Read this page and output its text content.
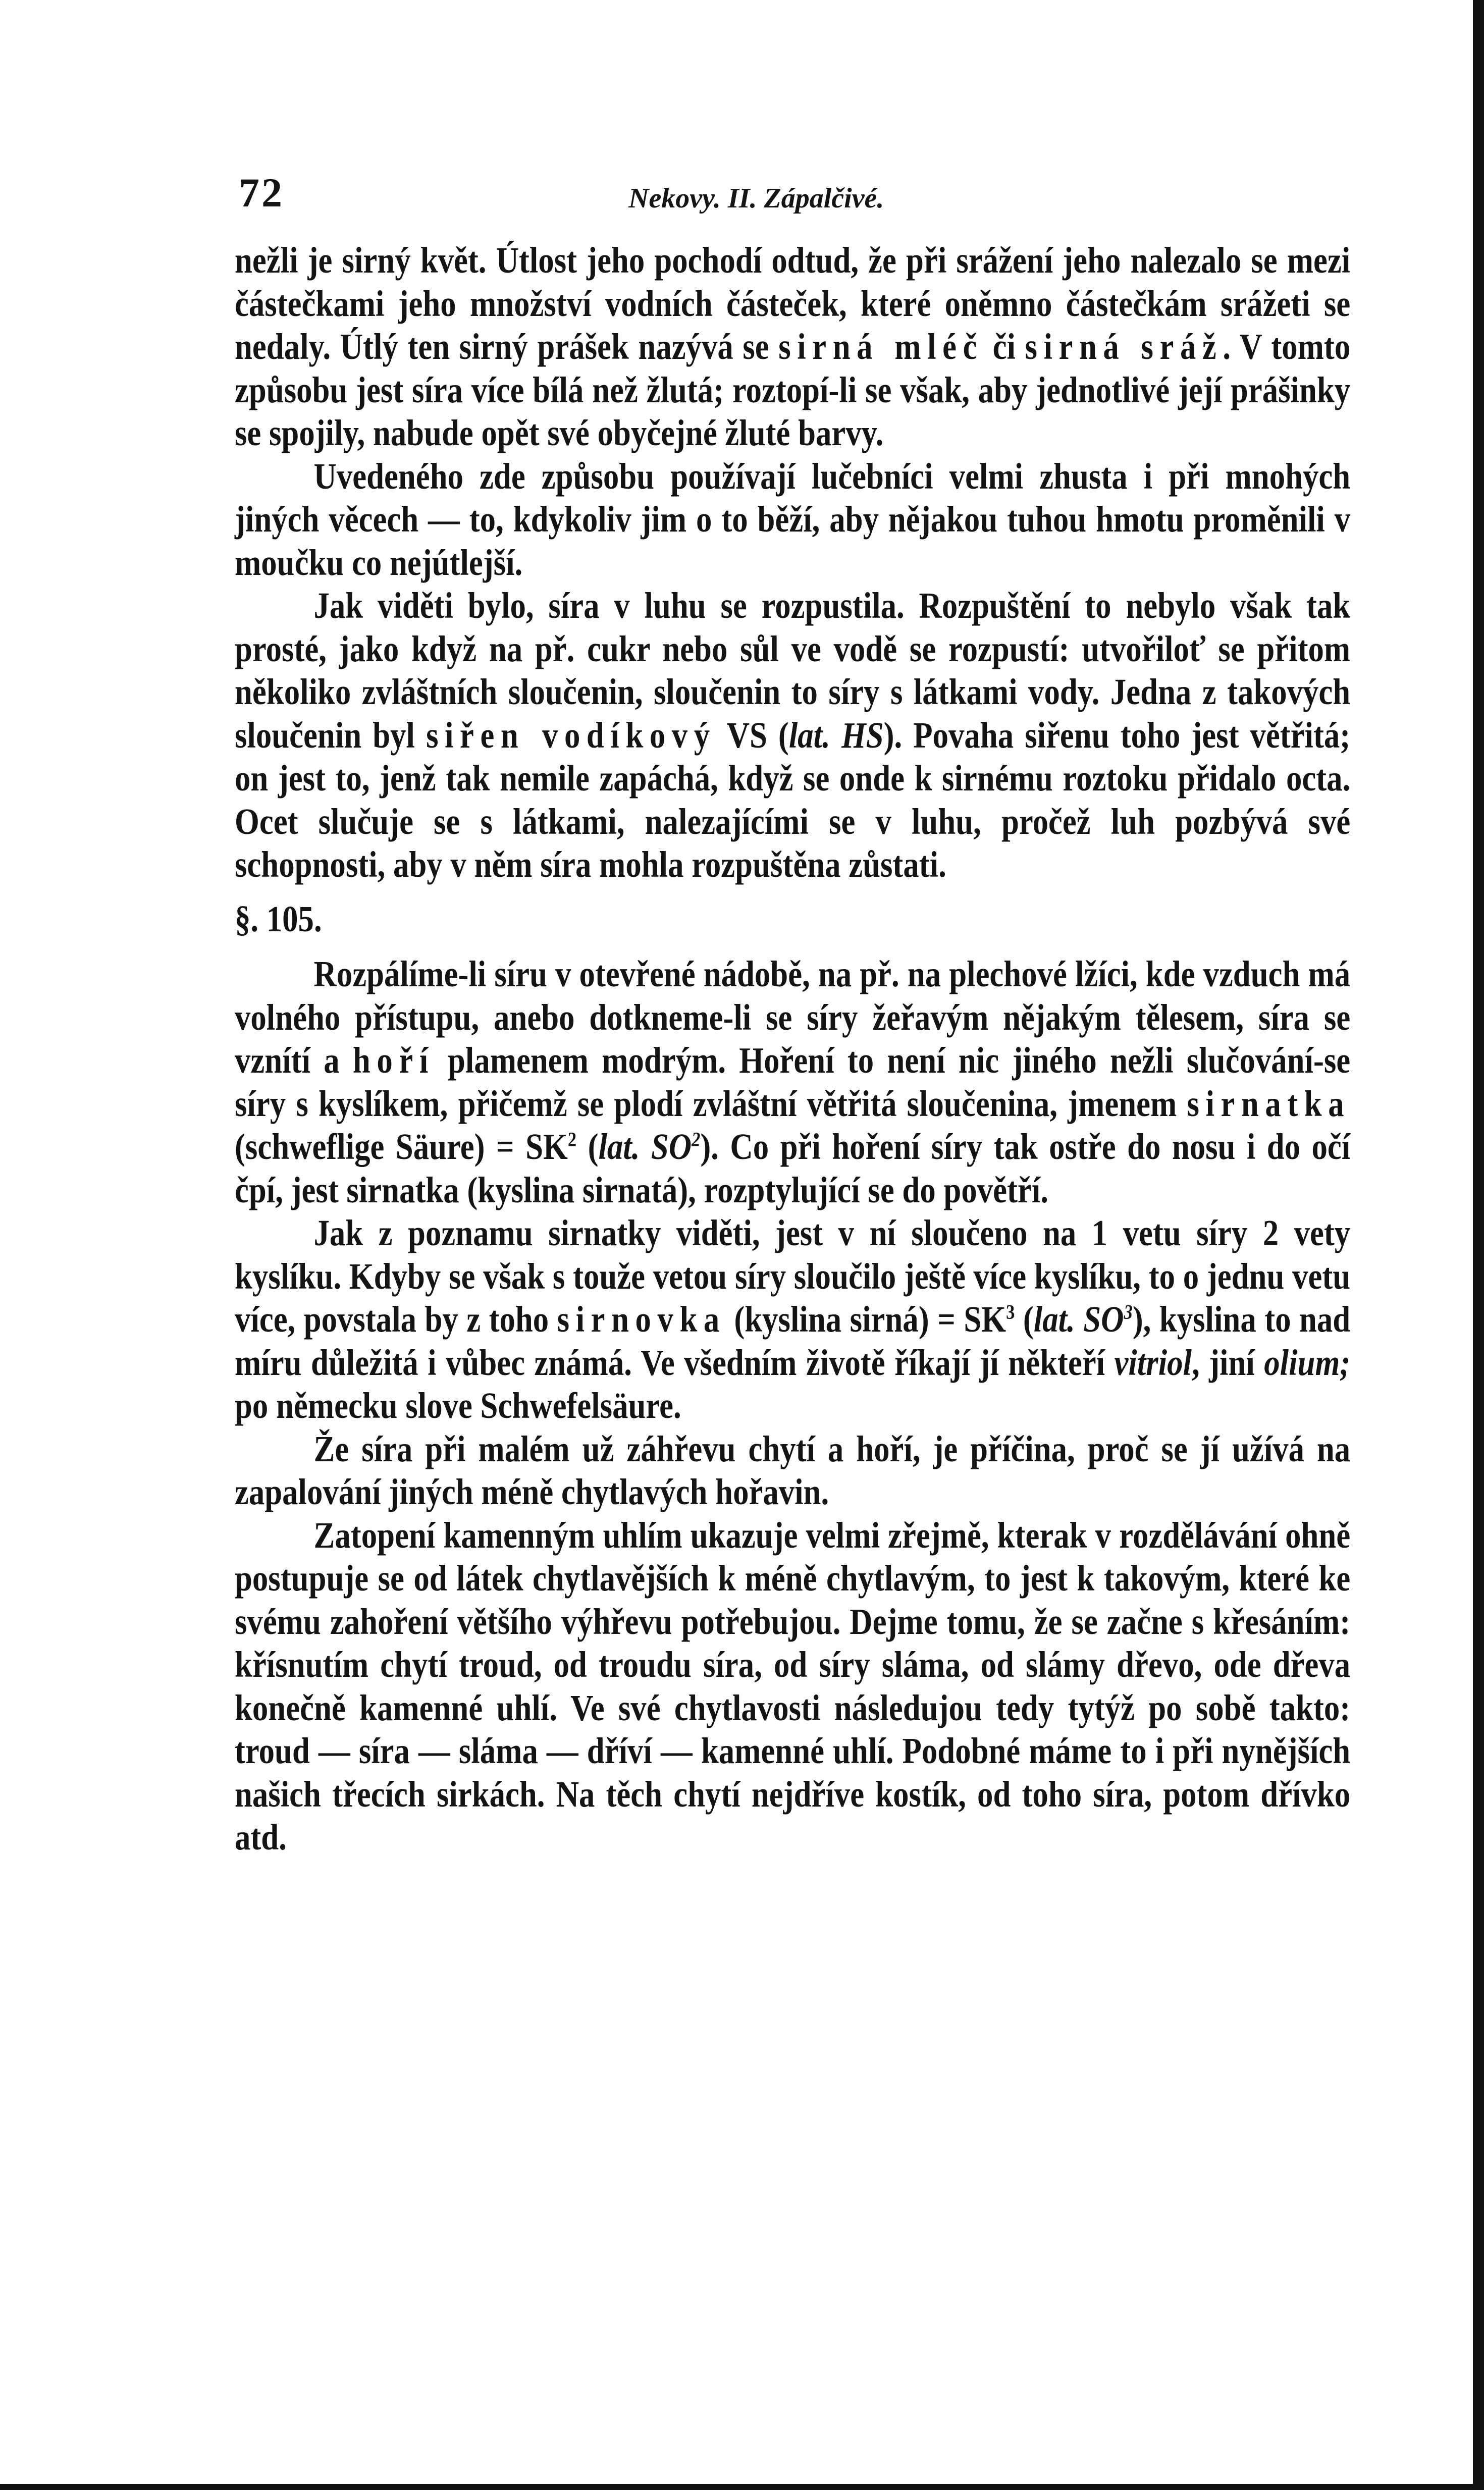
72	Nekovy. II. Zápalčivé.

nežli je sirný květ. Útlost jeho pochodí odtud, že při srážení jeho nalezalo se mezi částečkami jeho množství vodních částeček, které oněmno částečkám srážeti se nedaly. Útlý ten sirný prášek nazývá se sirná mléč či sirná sráž. V tomto způsobu jest síra více bílá než žlutá; roztopí-li se však, aby jednotlivé její prášinky se spojily, nabude opět své obyčejné žluté barvy.

Uvedeného zde způsobu používají lučebníci velmi zhusta i při mnohých jiných věcech — to, kdykoliv jim o to běží, aby nějakou tuhou hmotu proměnili v moučku co nejútlejší.

Jak viděti bylo, síra v luhu se rozpustila. Rozpuštění to nebylo však tak prosté, jako když na př. cukr nebo sůl ve vodě se rozpustí: utvořiloť se přitom několiko zvláštních sloučenin, sloučenin to síry s látkami vody. Jedna z takových sloučenin byl siřen vodíkový VS (lat. HS). Povaha siřenu toho jest větřitá; on jest to, jenž tak nemile zapáchá, když se onde k sirnému roztoku přidalo octa. Ocet slučuje se s látkami, nalezajícími se v luhu, pročež luh pozbývá své schopnosti, aby v něm síra mohla rozpuštěna zůstati.

§. 105.

Rozpálíme-li síru v otevřené nádobě, na př. na plechové lžíci, kde vzduch má volného přístupu, anebo dotkneme-li se síry žeřavým nějakým tělesem, síra se vznítí a hoří plamenem modrým. Hoření to není nic jiného nežli slučování-se síry s kyslíkem, přičemž se plodí zvláštní větřitá sloučenina, jmenem sirnatka (schweflige Säure) = $SK^2$ (lat. $SO^2$). Co při hoření síry tak ostře do nosu i do očí čpí, jest sirnatka (kyslina sirnatá), rozptylující se do povětří.

Jak z poznamu sirnatky viděti, jest v ní sloučeno na 1 vetu síry 2 vety kyslíku. Kdyby se však s touže vetou síry sloučilo ještě více kyslíku, to o jednu vetu více, povstala by z toho sirnovka (kyslina sirná) = $SK^3$ (lat. $SO^3$), kyslina to nad míru důležitá i vůbec známá. Ve všedním životě říkají jí někteří vitriol, jiní olium; po německu slove Schwefelsäure.

Že síra při malém už záhřevu chytí a hoří, je příčina, proč se jí užívá na zapalování jiných méně chytlavých hořavin.

Zatopení kamenným uhlím ukazuje velmi zřejmě, kterak v rozdělávání ohně postupuje se od látek chytlavějších k méně chytlavým, to jest k takovým, které ke svému zahoření většího výhřevu potřebujou. Dejme tomu, že se začne s křesáním: křísnutím chytí troud, od troudu síra, od síry sláma, od slámy dřevo, ode dřeva konečně kamenné uhlí. Ve své chytlavosti následujou tedy tytýž po sobě takto: troud — síra — sláma — dříví — kamenné uhlí. Podobné máme to i při nynějších našich třecích sirkách. Na těch chytí nejdříve kostík, od toho síra, potom dřívko atd.
